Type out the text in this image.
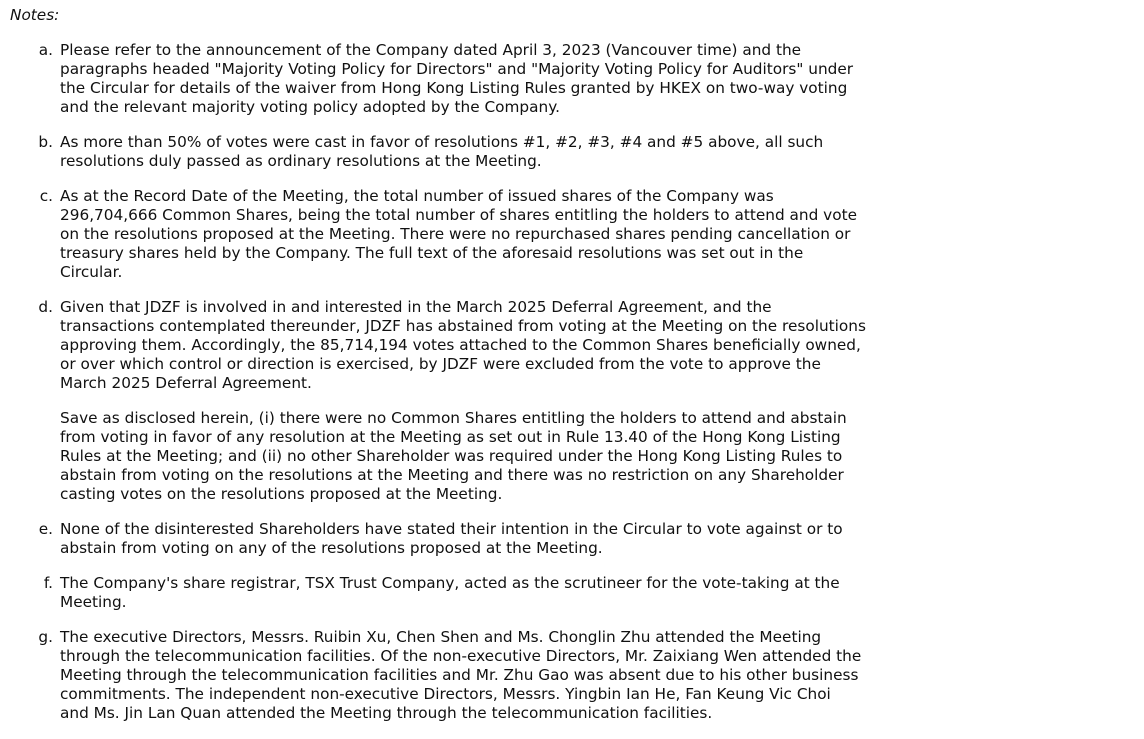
Notes:

a. Please refer to the announcement of the Company dated April 3, 2023 (Vancouver time) and the
paragraphs headed "Majority Voting Policy for Directors" and "Majority Voting Policy for Auditors" under
the Circular for details of the waiver from Hong Kong Listing Rules granted by HKEX on two-way voting
and the relevant majority voting policy adopted by the Company.

b. As more than 50% of votes were cast in favor of resolutions #1, #2, #3, #4 and #5 above, all such
resolutions duly passed as ordinary resolutions at the Meeting.

c. As at the Record Date of the Meeting, the total number of issued shares of the Company was
296,704,666 Common Shares, being the total number of shares entitling the holders to attend and vote
on the resolutions proposed at the Meeting. There were no repurchased shares pending cancellation or
treasury shares held by the Company. The full text of the aforesaid resolutions was set out in the
Circular.

d. Given that JDZF is involved in and interested in the March 2025 Deferral Agreement, and the
transactions contemplated thereunder, JDZF has abstained from voting at the Meeting on the resolutions
approving them. Accordingly, the 85,714,194 votes attached to the Common Shares beneficially owned,
or over which control or direction is exercised, by JDZF were excluded from the vote to approve the
March 2025 Deferral Agreement.

Save as disclosed herein, (i) there were no Common Shares entitling the holders to attend and abstain
from voting in favor of any resolution at the Meeting as set out in Rule 13.40 of the Hong Kong Listing
Rules at the Meeting; and (ii) no other Shareholder was required under the Hong Kong Listing Rules to
abstain from voting on the resolutions at the Meeting and there was no restriction on any Shareholder
casting votes on the resolutions proposed at the Meeting.

e. None of the disinterested Shareholders have stated their intention in the Circular to vote against or to
abstain from voting on any of the resolutions proposed at the Meeting.

f. The Company's share registrar, TSX Trust Company, acted as the scrutineer for the vote-taking at the
Meeting.

g. The executive Directors, Messrs. Ruibin Xu, Chen Shen and Ms. Chonglin Zhu attended the Meeting
through the telecommunication facilities. Of the non-executive Directors, Mr. Zaixiang Wen attended the
Meeting through the telecommunication facilities and Mr. Zhu Gao was absent due to his other business
commitments. The independent non-executive Directors, Messrs. Yingbin Ian He, Fan Keung Vic Choi
and Ms. Jin Lan Quan attended the Meeting through the telecommunication facilities.
